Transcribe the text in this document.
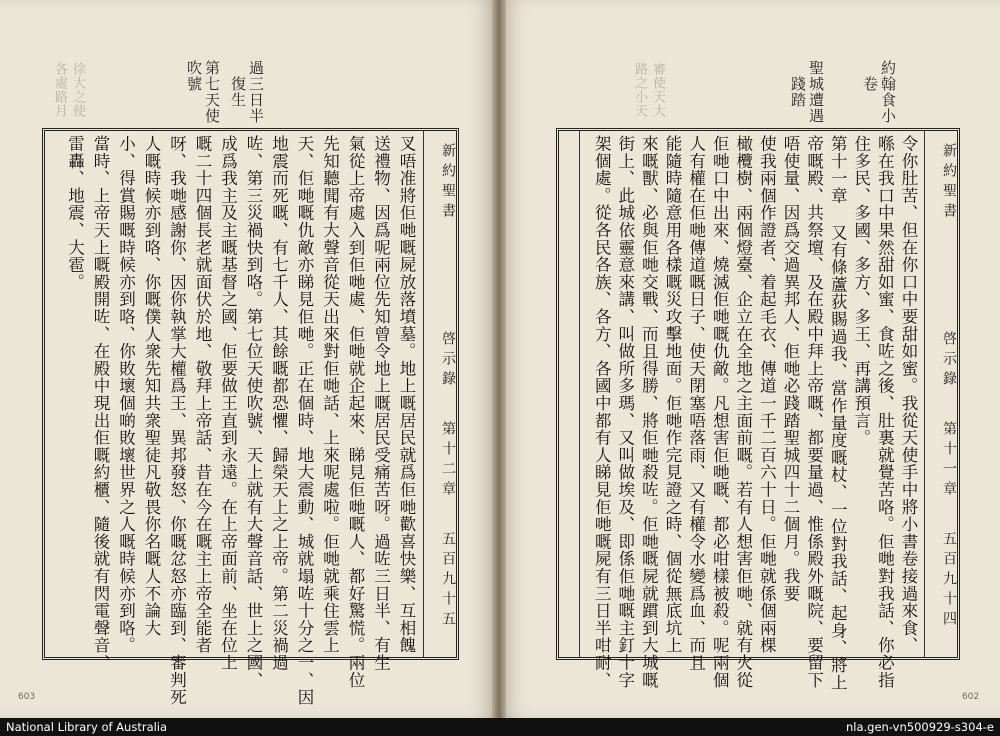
徐大之使
各處路月	審使天大
路之小天
過三日半
復生
第七天使
吹號	約翰食小
卷
聖城遭遇
踐踏
新約聖書
啓示錄
第十二章
五百九十五
叉唔准將佢哋嘅屍放落墳墓。地上嘅居民就爲佢哋歡喜快樂、互相餽
送禮物、因爲呢兩位先知曾令地上嘅居民受痛苦呀。過咗三日半、有生
氣從上帝處入到佢哋處、佢哋就企起來、睇見佢哋嘅人、都好驚慌。兩位
先知聽聞有大聲音從天出來對佢哋話、上來呢處啦。佢哋就乘住雲上
天、佢哋嘅仇敵亦睇見佢哋。正在個時、地大震動、城就塌咗十分之一、因
地震而死嘅、有七千人、其餘嘅都恐懼、歸榮天上之上帝。第二災禍過
咗、第三災禍快到咯。第七位天使吹號、天上就有大聲音話、世上之國、
成爲我主及主嘅基督之國、佢要做王直到永遠。在上帝面前、坐在位上
嘅二十四個長老就面伏於地、敬拜上帝話、昔在今在嘅主上帝全能者
呀、我哋感謝你、因你執掌大權爲王、異邦發怒、你嘅忿怒亦臨到、審判死
人嘅時候亦到咯、你嘅僕人衆先知共衆聖徒凡敬畏你名嘅人不論大
小、得賞賜嘅時候亦到咯、你敗壞個啲敗壞世界之人嘅時候亦到咯。
當時、上帝天上嘅殿開咗、在殿中現出佢嘅約櫃、隨後就有閃電聲音、
雷轟、地震、大雹。	新約聖書
啓示錄
第十一章
五百九十四
令你肚苦、但在你口中要甜如蜜。我從天使手中將小書卷接過來食、
喺在我口中果然甜如蜜、食咗之後、肚裏就覺苦咯。佢哋對我話、你必指
住多民、多國、多方、多王、再講預言。
第十一章 又有條蘆荻賜過我、當作量度嘅杖、一位對我話、起身、將上
帝嘅殿、共祭壇、及在殿中拜上帝嘅、都要量過、惟係殿外嘅院、要留下
唔使量、因爲交過異邦人、佢哋必踐踏聖城四十二個月。我要
使我兩個作證者、着起毛衣、傳道一千二百六十日。佢哋就係個兩棵
橄欖樹、兩個燈臺、企立在全地之主面前嘅。若有人想害佢哋、就有火從
佢哋口中出來、燒滅佢哋嘅仇敵。凡想害佢哋嘅、都必咁樣被殺。呢兩個
人有權在佢哋傳道嘅日子、使天閉塞唔落雨、又有權令水變爲血、而且
能隨時隨意用各樣嘅災攻擊地面。佢哋作完見證之時、個從無底坑上
來嘅獸、必與佢哋交戰、而且得勝、將佢哋殺咗。佢哋嘅屍就躀到大城嘅
街上、此城依靈意來講、叫做所多瑪、又叫做埃及、即係佢哋嘅主釘十字
架個處。從各民各族、各方、各國中都有人睇見佢哋嘅屍有三日半咁耐、
603	602
National Library of Australia	nla.gen-vn500929-s304-e
